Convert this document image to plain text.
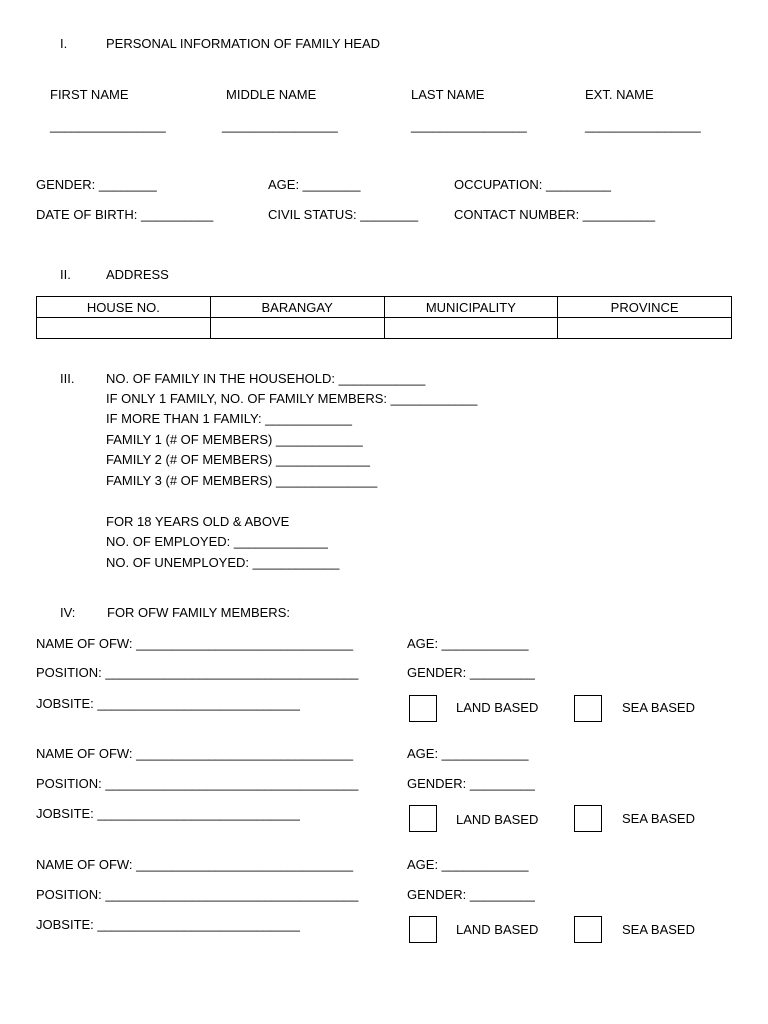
I.	PERSONAL INFORMATION OF FAMILY HEAD
FIRST NAME	MIDDLE NAME	LAST NAME	EXT. NAME
________________	________________	________________	________________
GENDER: ________	AGE: ________	OCCUPATION: _________
DATE OF BIRTH: __________	CIVIL STATUS: ________	CONTACT NUMBER: __________
II.	ADDRESS
HOUSE NO.	BARANGAY	MUNICIPALITY	PROVINCE

III. NO. OF FAMILY IN THE HOUSEHOLD: ____________
IF ONLY 1 FAMILY, NO. OF FAMILY MEMBERS: ____________
IF MORE THAN 1 FAMILY: ____________
FAMILY 1 (# OF MEMBERS) ____________
FAMILY 2 (# OF MEMBERS) _____________
FAMILY 3 (# OF MEMBERS) ______________
FOR 18 YEARS OLD & ABOVE
NO. OF EMPLOYED: _____________
NO. OF UNEMPLOYED: ____________
IV: FOR OFW FAMILY MEMBERS:
NAME OF OFW: ______________________________	AGE: ____________
POSITION: ___________________________________	GENDER: _________
JOBSITE: ____________________________	LAND BASED	SEA BASED
NAME OF OFW: ______________________________	AGE: ____________
POSITION: ___________________________________	GENDER: _________
JOBSITE: ____________________________	LAND BASED	SEA BASED
NAME OF OFW: ______________________________	AGE: ____________
POSITION: ___________________________________	GENDER: _________
JOBSITE: ____________________________	LAND BASED	SEA BASED
